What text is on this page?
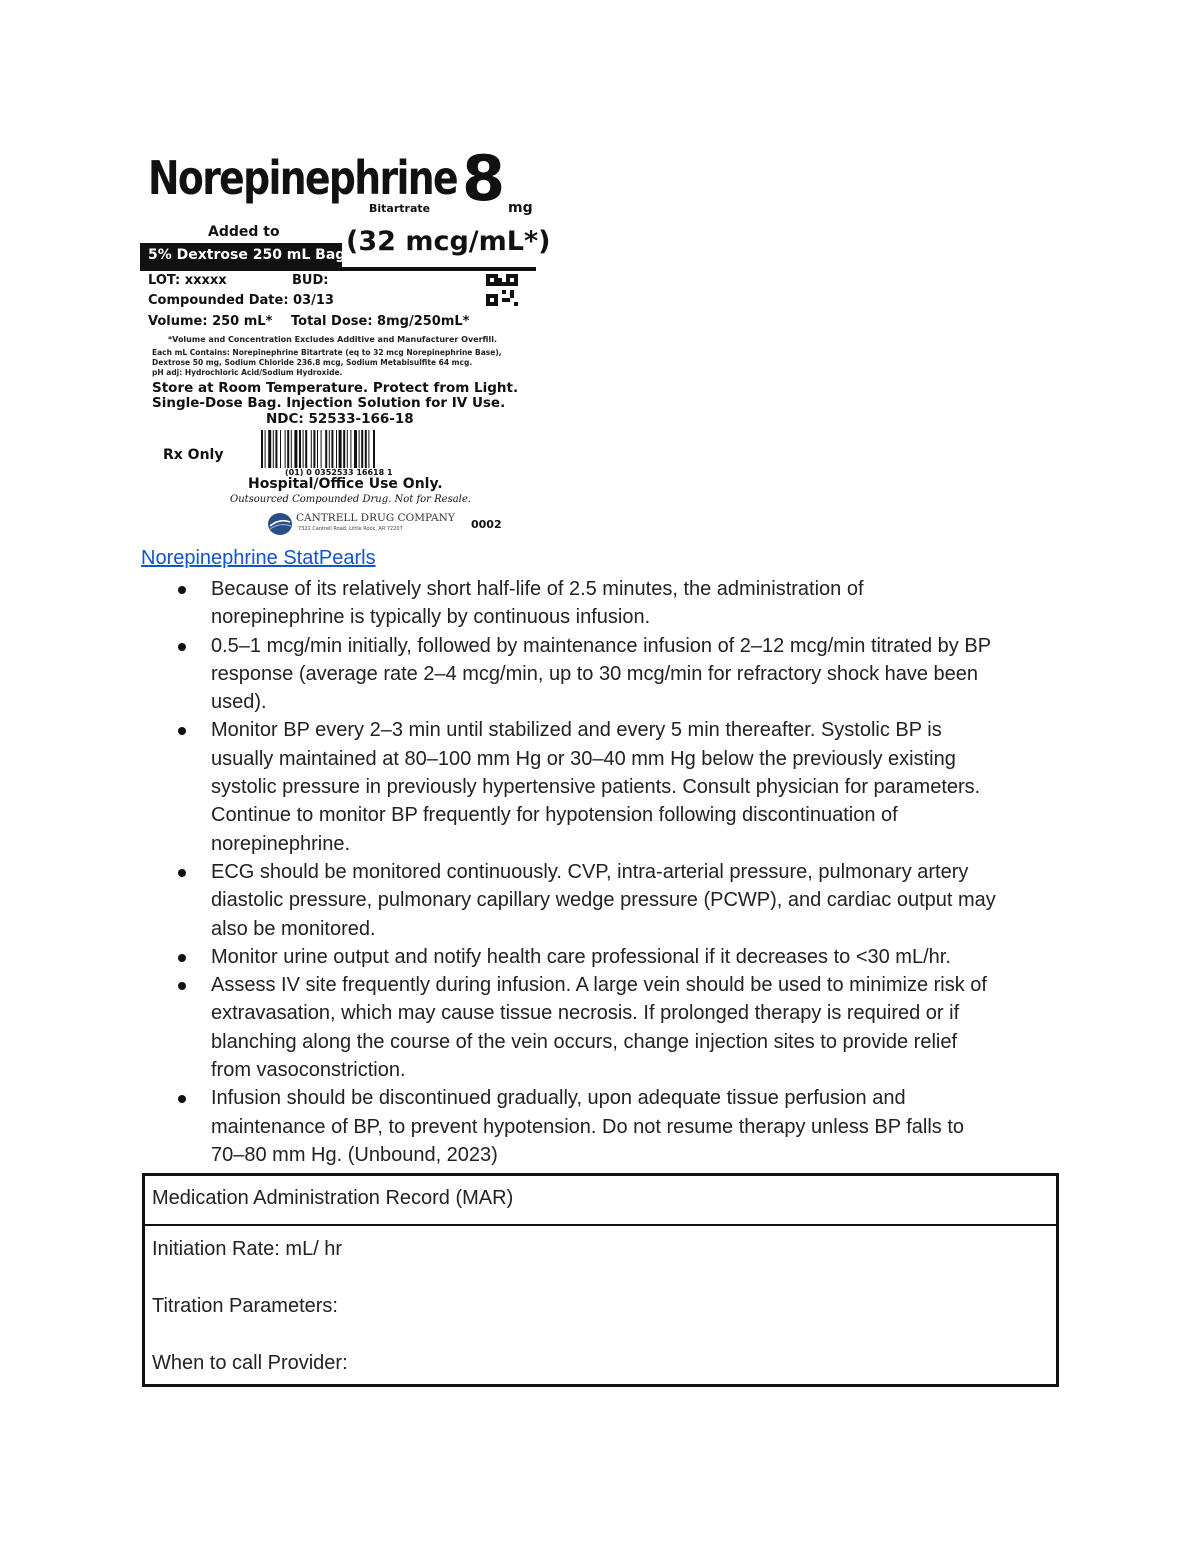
Norepinephrine
Bitartrate 8 mg
Added to
5% Dextrose 250 mL Bag (32 mcg/mL*)
LOT: xxxxx	BUD:
Compounded Date: 03/13
Volume: 250 mL* Total Dose: 8mg/250mL*
*Volume and Concentration Excludes Additive and Manufacturer Overfill.
Each mL Contains: Norepinephrine Bitartrate (eq to 32 mcg Norepinephrine Base),
Dextrose 50 mg, Sodium Chloride 236.8 mcg, Sodium Metabisulfite 64 mcg.
pH adj: Hydrochloric Acid/Sodium Hydroxide.
Store at Room Temperature. Protect from Light.
Single-Dose Bag. Injection Solution for IV Use.
NDC: 52533-166-18
Rx Only
(01) 0 0352533 16618 1
Hospital/Office Use Only.
Outsourced Compounded Drug. Not for Resale.
CANTRELL DRUG COMPANY
7321 Cantrell Road, Little Rock, AR 72207	0002
Norepinephrine StatPearls
Because of its relatively short half-life of 2.5 minutes, the administration of
norepinephrine is typically by continuous infusion.
0.5–1 mcg/min initially, followed by maintenance infusion of 2–12 mcg/min titrated by BP
response (average rate 2–4 mcg/min, up to 30 mcg/min for refractory shock have been
used).
Monitor BP every 2–3 min until stabilized and every 5 min thereafter. Systolic BP is
usually maintained at 80–100 mm Hg or 30–40 mm Hg below the previously existing
systolic pressure in previously hypertensive patients. Consult physician for parameters.
Continue to monitor BP frequently for hypotension following discontinuation of
norepinephrine.
ECG should be monitored continuously. CVP, intra-arterial pressure, pulmonary artery
diastolic pressure, pulmonary capillary wedge pressure (PCWP), and cardiac output may
also be monitored.
Monitor urine output and notify health care professional if it decreases to <30 mL/hr.
Assess IV site frequently during infusion. A large vein should be used to minimize risk of
extravasation, which may cause tissue necrosis. If prolonged therapy is required or if
blanching along the course of the vein occurs, change injection sites to provide relief
from vasoconstriction.
Infusion should be discontinued gradually, upon adequate tissue perfusion and
maintenance of BP, to prevent hypotension. Do not resume therapy unless BP falls to
70–80 mm Hg. (Unbound, 2023)
Medication Administration Record (MAR)
Initiation Rate: mL/ hr
Titration Parameters:
When to call Provider:
